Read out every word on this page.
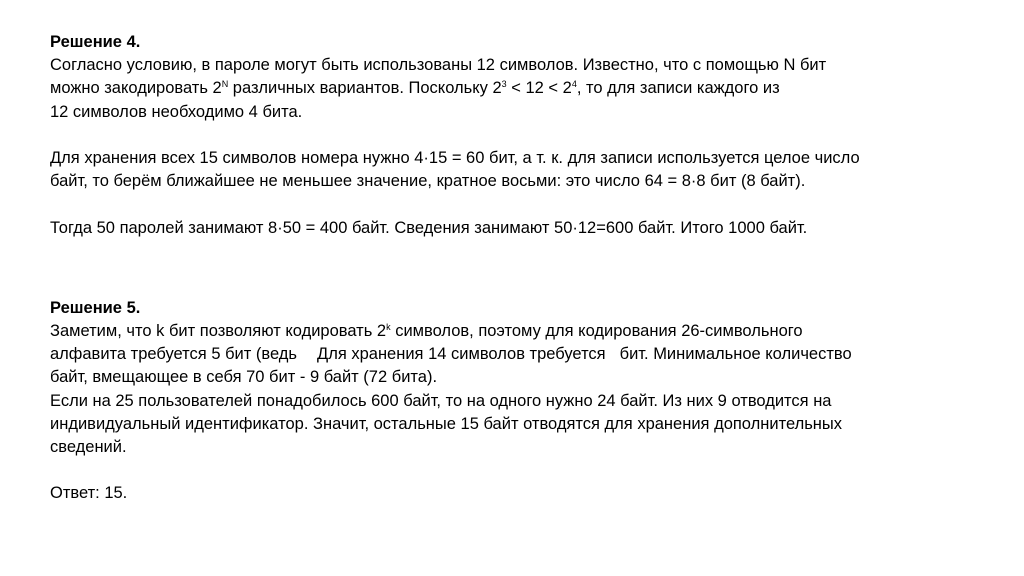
Решение 4.
Согласно условию, в пароле могут быть использованы 12 символов. Известно, что с помощью N бит
можно закодировать $2^N$ различных вариантов. Поскольку $2^3 < 12 < 2^4$, то для записи каждого из
12 символов необходимо 4 бита.
Для хранения всех 15 символов номера нужно 4·15 = 60 бит, а т. к. для записи используется целое число
байт, то берём ближайшее не меньшее значение, кратное восьми: это число 64 = 8·8 бит (8 байт).
Тогда 50 паролей занимают 8·50 = 400 байт. Сведения занимают 50·12=600 байт. Итого 1000 байт.
Решение 5.
Заметим, что k бит позволяют кодировать 2$^k$ символов, поэтому для кодирования 26-символьного
алфавита требуется 5 бит (ведь Для хранения 14 символов требуется бит. Минимальное количество
байт, вмещающее в себя 70 бит - 9 байт (72 бита).
Если на 25 пользователей понадобилось 600 байт, то на одного нужно 24 байт. Из них 9 отводится на
индивидуальный идентификатор. Значит, остальные 15 байт отводятся для хранения дополнительных
сведений.
Ответ: 15.
